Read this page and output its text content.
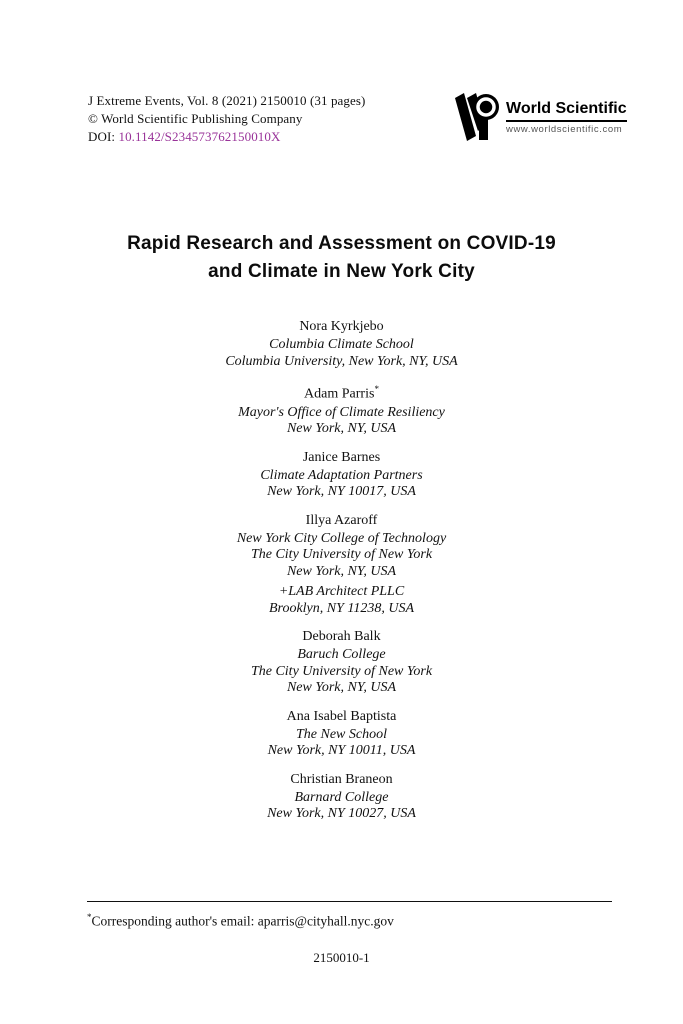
J Extreme Events, Vol. 8 (2021) 2150010 (31 pages)
© World Scientific Publishing Company
DOI: 10.1142/S234573762150010X
World Scientific
www.worldscientific.com
Rapid Research and Assessment on COVID-19
and Climate in New York City
Nora Kyrkjebo
Columbia Climate School
Columbia University, New York, NY, USA
Adam Parris*
Mayor's Office of Climate Resiliency
New York, NY, USA
Janice Barnes
Climate Adaptation Partners
New York, NY 10017, USA
Illya Azaroff
New York City College of Technology
The City University of New York
New York, NY, USA
+LAB Architect PLLC
Brooklyn, NY 11238, USA
Deborah Balk
Baruch College
The City University of New York
New York, NY, USA
Ana Isabel Baptista
The New School
New York, NY 10011, USA
Christian Braneon
Barnard College
New York, NY 10027, USA
*Corresponding author's email: aparris@cityhall.nyc.gov
2150010-1
